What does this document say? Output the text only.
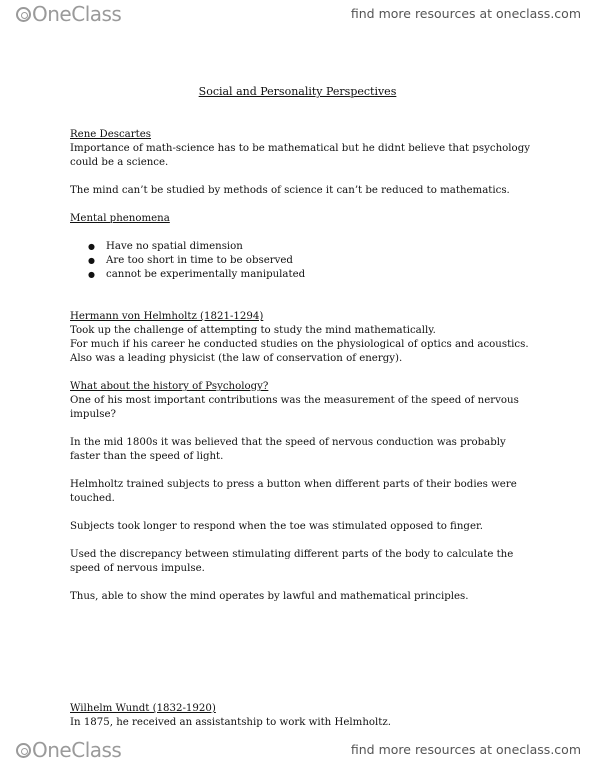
OneClass	find more resources at oneclass.com
Social and Personality Perspectives

Rene Descartes

Importance of math-science has to be mathematical but he didnt believe that psychology could be a science.

The mind can’t be studied by methods of science it can’t be reduced to mathematics.

Mental phenomena

● Have no spatial dimension
● Are too short in time to be observed
● cannot be experimentally manipulated

Hermann von Helmholtz (1821-1294)

Took up the challenge of attempting to study the mind mathematically.

For much if his career he conducted studies on the physiological of optics and acoustics.

Also was a leading physicist (the law of conservation of energy).

What about the history of Psychology?

One of his most important contributions was the measurement of the speed of nervous impulse?

In the mid 1800s it was believed that the speed of nervous conduction was probably faster than the speed of light.

Helmholtz trained subjects to press a button when different parts of their bodies were touched.

Subjects took longer to respond when the toe was stimulated opposed to finger.

Used the discrepancy between stimulating different parts of the body to calculate the speed of nervous impulse.

Thus, able to show the mind operates by lawful and mathematical principles.

Wilhelm Wundt (1832-1920)

In 1875, he received an assistantship to work with Helmholtz.

OneClass	find more resources at oneclass.com
